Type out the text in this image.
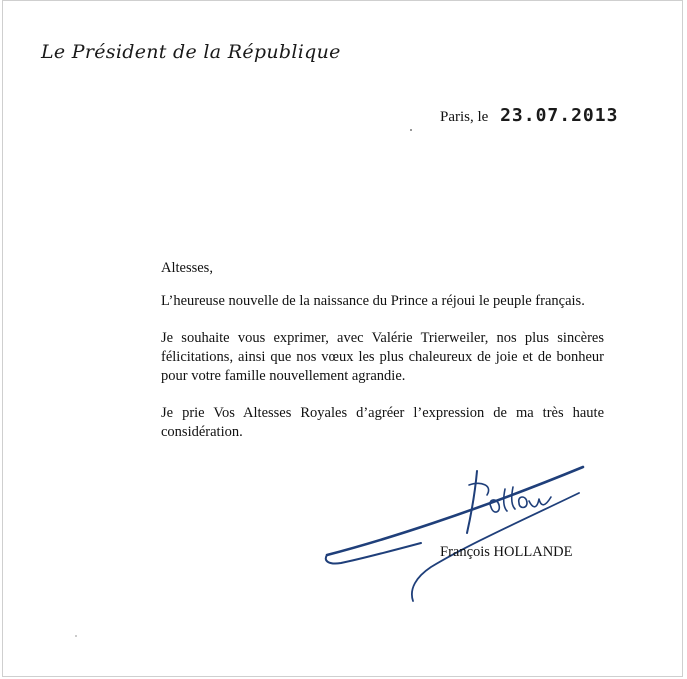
Le Président de la République
Paris, le 23.07.2013

Altesses,

L’heureuse nouvelle de la naissance du Prince a réjoui le peuple français.

Je souhaite vous exprimer, avec Valérie Trierweiler, nos plus sincères félicitations, ainsi que nos vœux les plus chaleureux de joie et de bonheur pour votre famille nouvellement agrandie.

Je prie Vos Altesses Royales d’agréer l’expression de ma très haute considération.

François HOLLANDE
